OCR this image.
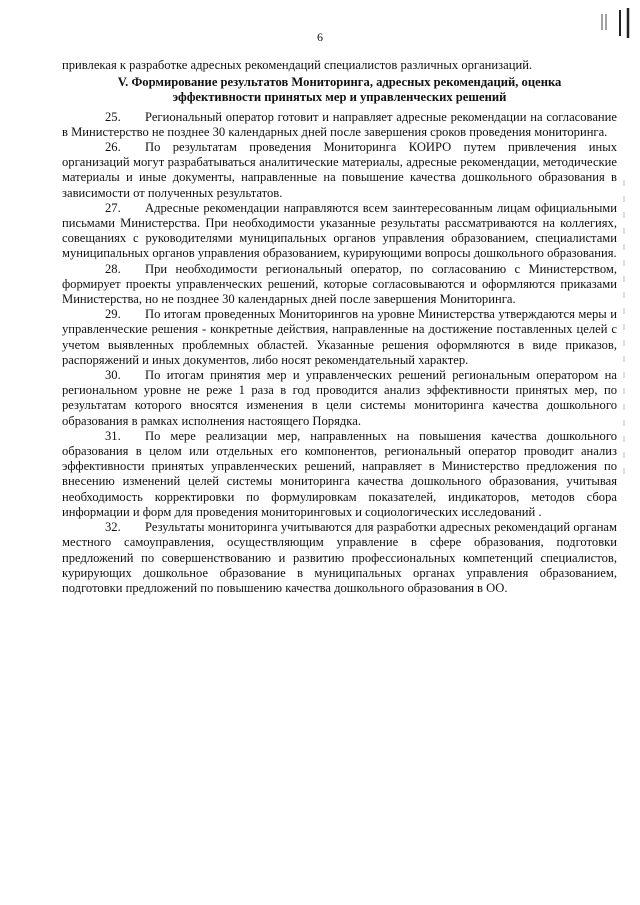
6

привлекая к разработке адресных рекомендаций специалистов различных организаций.

V. Формирование результатов Мониторинга, адресных рекомендаций, оценка эффективности принятых мер и управленческих решений

25. Региональный оператор готовит и направляет адресные рекомендации на согласование в Министерство не позднее 30 календарных дней после завершения сроков проведения мониторинга.

26. По результатам проведения Мониторинга КОИРО путем привлечения иных организаций могут разрабатываться аналитические материалы, адресные рекомендации, методические материалы и иные документы, направленные на повышение качества дошкольного образования в зависимости от полученных результатов.

27. Адресные рекомендации направляются всем заинтересованным лицам официальными письмами Министерства. При необходимости указанные результаты рассматриваются на коллегиях, совещаниях с руководителями муниципальных органов управления образованием, специалистами муниципальных органов управления образованием, курирующими вопросы дошкольного образования.

28. При необходимости региональный оператор, по согласованию с Министерством, формирует проекты управленческих решений, которые согласовываются и оформляются приказами Министерства, но не позднее 30 календарных дней после завершения Мониторинга.

29. По итогам проведенных Мониторингов на уровне Министерства утверждаются меры и управленческие решения - конкретные действия, направленные на достижение поставленных целей с учетом выявленных проблемных областей. Указанные решения оформляются в виде приказов, распоряжений и иных документов, либо носят рекомендательный характер.

30. По итогам принятия мер и управленческих решений региональным оператором на региональном уровне не реже 1 раза в год проводится анализ эффективности принятых мер, по результатам которого вносятся изменения в цели системы мониторинга качества дошкольного образования в рамках исполнения настоящего Порядка.

31. По мере реализации мер, направленных на повышения качества дошкольного образования в целом или отдельных его компонентов, региональный оператор проводит анализ эффективности принятых управленческих решений, направляет в Министерство предложения по внесению изменений целей системы мониторинга качества дошкольного образования, учитывая необходимость корректировки по формулировкам показателей, индикаторов, методов сбора информации и форм для проведения мониторинговых и социологических исследований .

32. Результаты мониторинга учитываются для разработки адресных рекомендаций органам местного самоуправления, осуществляющим управление в сфере образования, подготовки предложений по совершенствованию и развитию профессиональных компетенций специалистов, курирующих дошкольное образование в муниципальных органах управления образованием, подготовки предложений по повышению качества дошкольного образования в ОО.
